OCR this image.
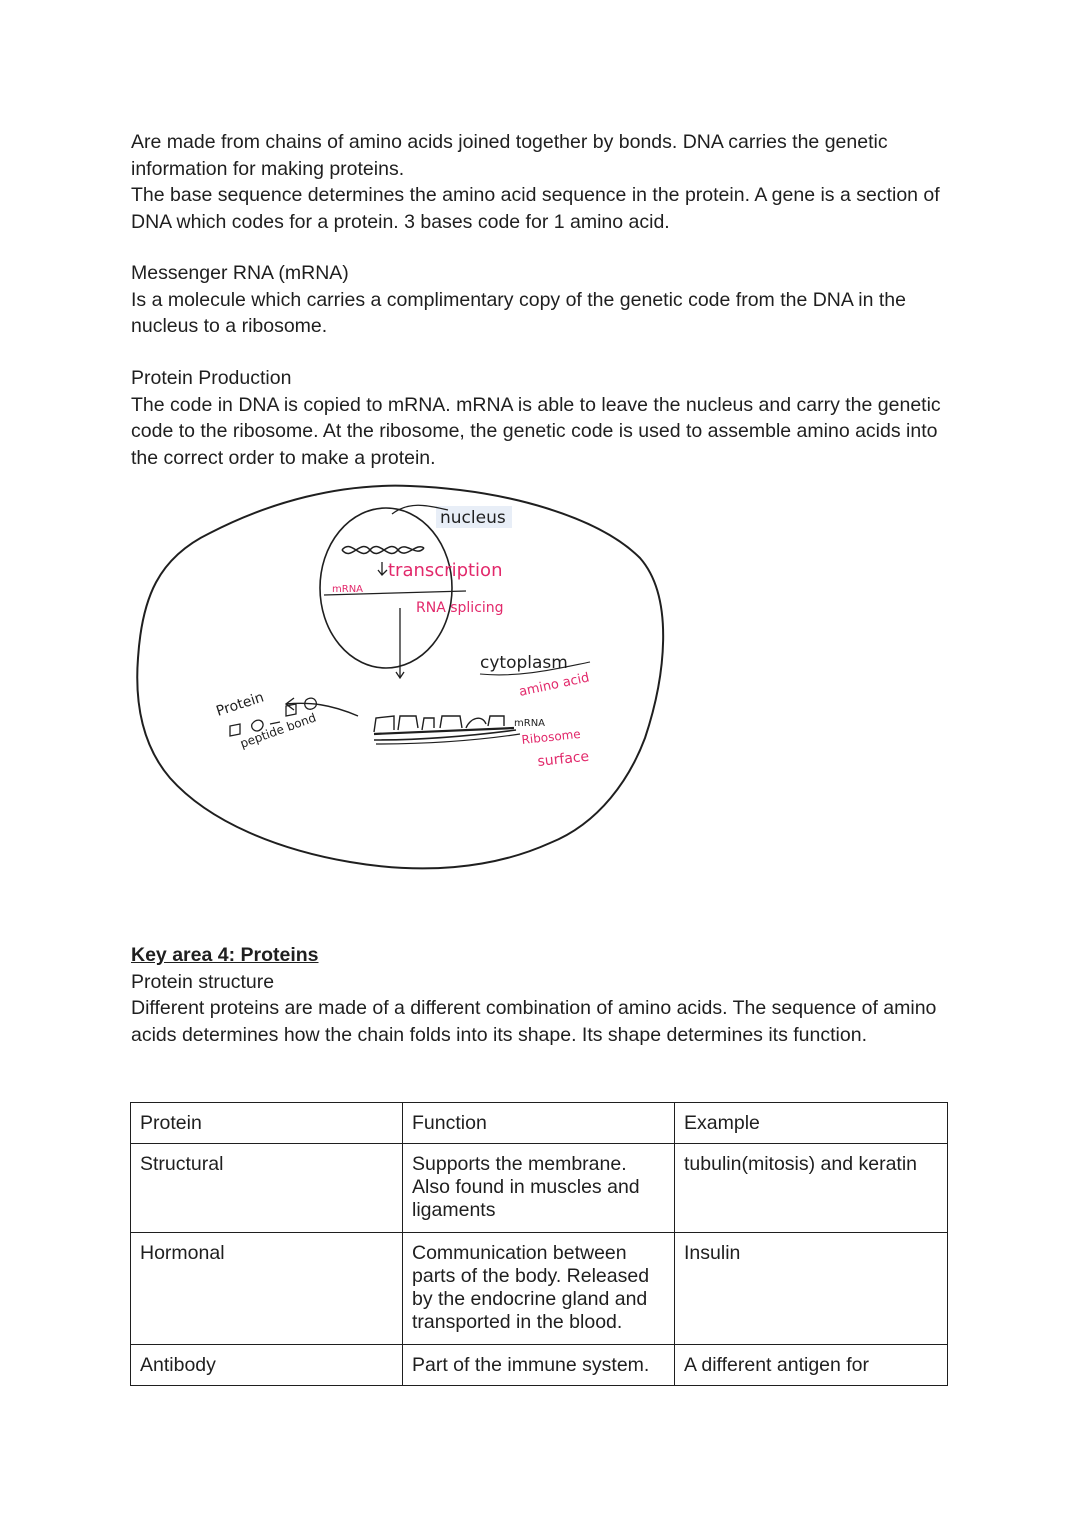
Are made from chains of amino acids joined together by bonds. DNA carries the genetic information for making proteins.

The base sequence determines the amino acid sequence in the protein. A gene is a section of DNA which codes for a protein. 3 bases code for 1 amino acid.

Messenger RNA (mRNA)

Is a molecule which carries a complimentary copy of the genetic code from the DNA in the nucleus to a ribosome.

Protein Production

The code in DNA is copied to mRNA. mRNA is able to leave the nucleus and carry the genetic code to the ribosome. At the ribosome, the genetic code is used to assemble amino acids into the correct order to make a protein.

nucleus
transcription
mRNA
RNA splicing
cytoplasm
amino acid
mRNA
Ribosome
surface
Protein
peptide bond

Key area 4: Proteins

Protein structure

Different proteins are made of a different combination of amino acids. The sequence of amino acids determines how the chain folds into its shape. Its shape determines its function.

Protein	Function	Example
Structural	Supports the membrane. Also found in muscles and ligaments	tubulin(mitosis) and keratin
Hormonal	Communication between parts of the body. Released by the endocrine gland and transported in the blood.	Insulin
Antibody	Part of the immune system.	A different antigen for
